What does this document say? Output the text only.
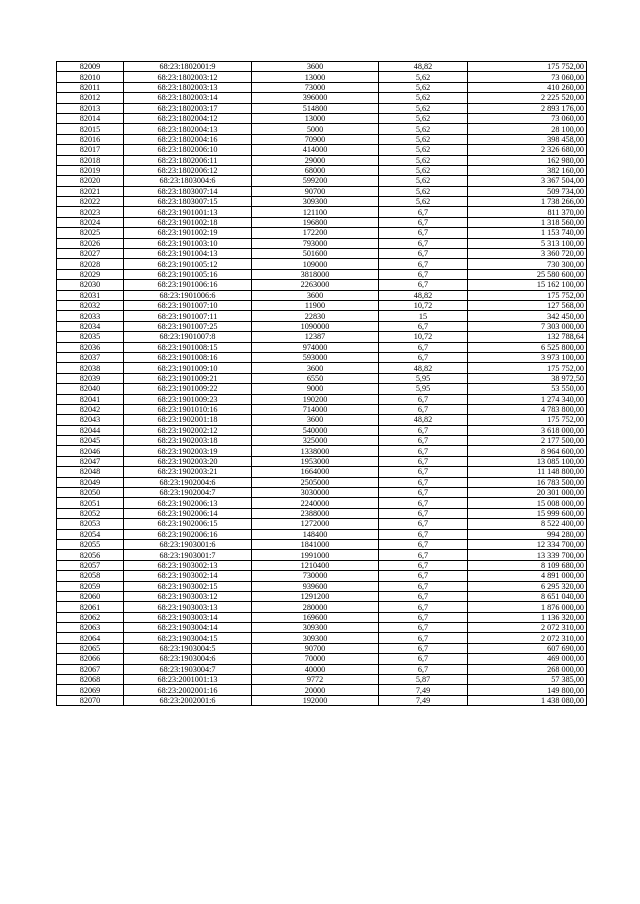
82009	68:23:1802001:9	3600	48,82	175 752,00
82010	68:23:1802003:12	13000	5,62	73 060,00
82011	68:23:1802003:13	73000	5,62	410 260,00
82012	68:23:1802003:14	396000	5,62	2 225 520,00
82013	68:23:1802003:17	514800	5,62	2 893 176,00
82014	68:23:1802004:12	13000	5,62	73 060,00
82015	68:23:1802004:13	5000	5,62	28 100,00
82016	68:23:1802004:16	70900	5,62	398 458,00
82017	68:23:1802006:10	414000	5,62	2 326 680,00
82018	68:23:1802006:11	29000	5,62	162 980,00
82019	68:23:1802006:12	68000	5,62	382 160,00
82020	68:23:1803004:6	599200	5,62	3 367 504,00
82021	68:23:1803007:14	90700	5,62	509 734,00
82022	68:23:1803007:15	309300	5,62	1 738 266,00
82023	68:23:1901001:13	121100	6,7	811 370,00
82024	68:23:1901002:18	196800	6,7	1 318 560,00
82025	68:23:1901002:19	172200	6,7	1 153 740,00
82026	68:23:1901003:10	793000	6,7	5 313 100,00
82027	68:23:1901004:13	501600	6,7	3 360 720,00
82028	68:23:1901005:12	109000	6,7	730 300,00
82029	68:23:1901005:16	3818000	6,7	25 580 600,00
82030	68:23:1901006:16	2263000	6,7	15 162 100,00
82031	68:23:1901006:6	3600	48,82	175 752,00
82032	68:23:1901007:10	11900	10,72	127 568,00
82033	68:23:1901007:11	22830	15	342 450,00
82034	68:23:1901007:25	1090000	6,7	7 303 000,00
82035	68:23:1901007:8	12387	10,72	132 788,64
82036	68:23:1901008:15	974000	6,7	6 525 800,00
82037	68:23:1901008:16	593000	6,7	3 973 100,00
82038	68:23:1901009:10	3600	48,82	175 752,00
82039	68:23:1901009:21	6550	5,95	38 972,50
82040	68:23:1901009:22	9000	5,95	53 550,00
82041	68:23:1901009:23	190200	6,7	1 274 340,00
82042	68:23:1901010:16	714000	6,7	4 783 800,00
82043	68:23:1902001:18	3600	48,82	175 752,00
82044	68:23:1902002:12	540000	6,7	3 618 000,00
82045	68:23:1902003:18	325000	6,7	2 177 500,00
82046	68:23:1902003:19	1338000	6,7	8 964 600,00
82047	68:23:1902003:20	1953000	6,7	13 085 100,00
82048	68:23:1902003:21	1664000	6,7	11 148 800,00
82049	68:23:1902004:6	2505000	6,7	16 783 500,00
82050	68:23:1902004:7	3030000	6,7	20 301 000,00
82051	68:23:1902006:13	2240000	6,7	15 008 000,00
82052	68:23:1902006:14	2388000	6,7	15 999 600,00
82053	68:23:1902006:15	1272000	6,7	8 522 400,00
82054	68:23:1902006:16	148400	6,7	994 280,00
82055	68:23:1903001:6	1841000	6,7	12 334 700,00
82056	68:23:1903001:7	1991000	6,7	13 339 700,00
82057	68:23:1903002:13	1210400	6,7	8 109 680,00
82058	68:23:1903002:14	730000	6,7	4 891 000,00
82059	68:23:1903002:15	939600	6,7	6 295 320,00
82060	68:23:1903003:12	1291200	6,7	8 651 040,00
82061	68:23:1903003:13	280000	6,7	1 876 000,00
82062	68:23:1903003:14	169600	6,7	1 136 320,00
82063	68:23:1903004:14	309300	6,7	2 072 310,00
82064	68:23:1903004:15	309300	6,7	2 072 310,00
82065	68:23:1903004:5	90700	6,7	607 690,00
82066	68:23:1903004:6	70000	6,7	469 000,00
82067	68:23:1903004:7	40000	6,7	268 000,00
82068	68:23:2001001:13	9772	5,87	57 385,00
82069	68:23:2002001:16	20000	7,49	149 800,00
82070	68:23:2002001:6	192000	7,49	1 438 080,00
